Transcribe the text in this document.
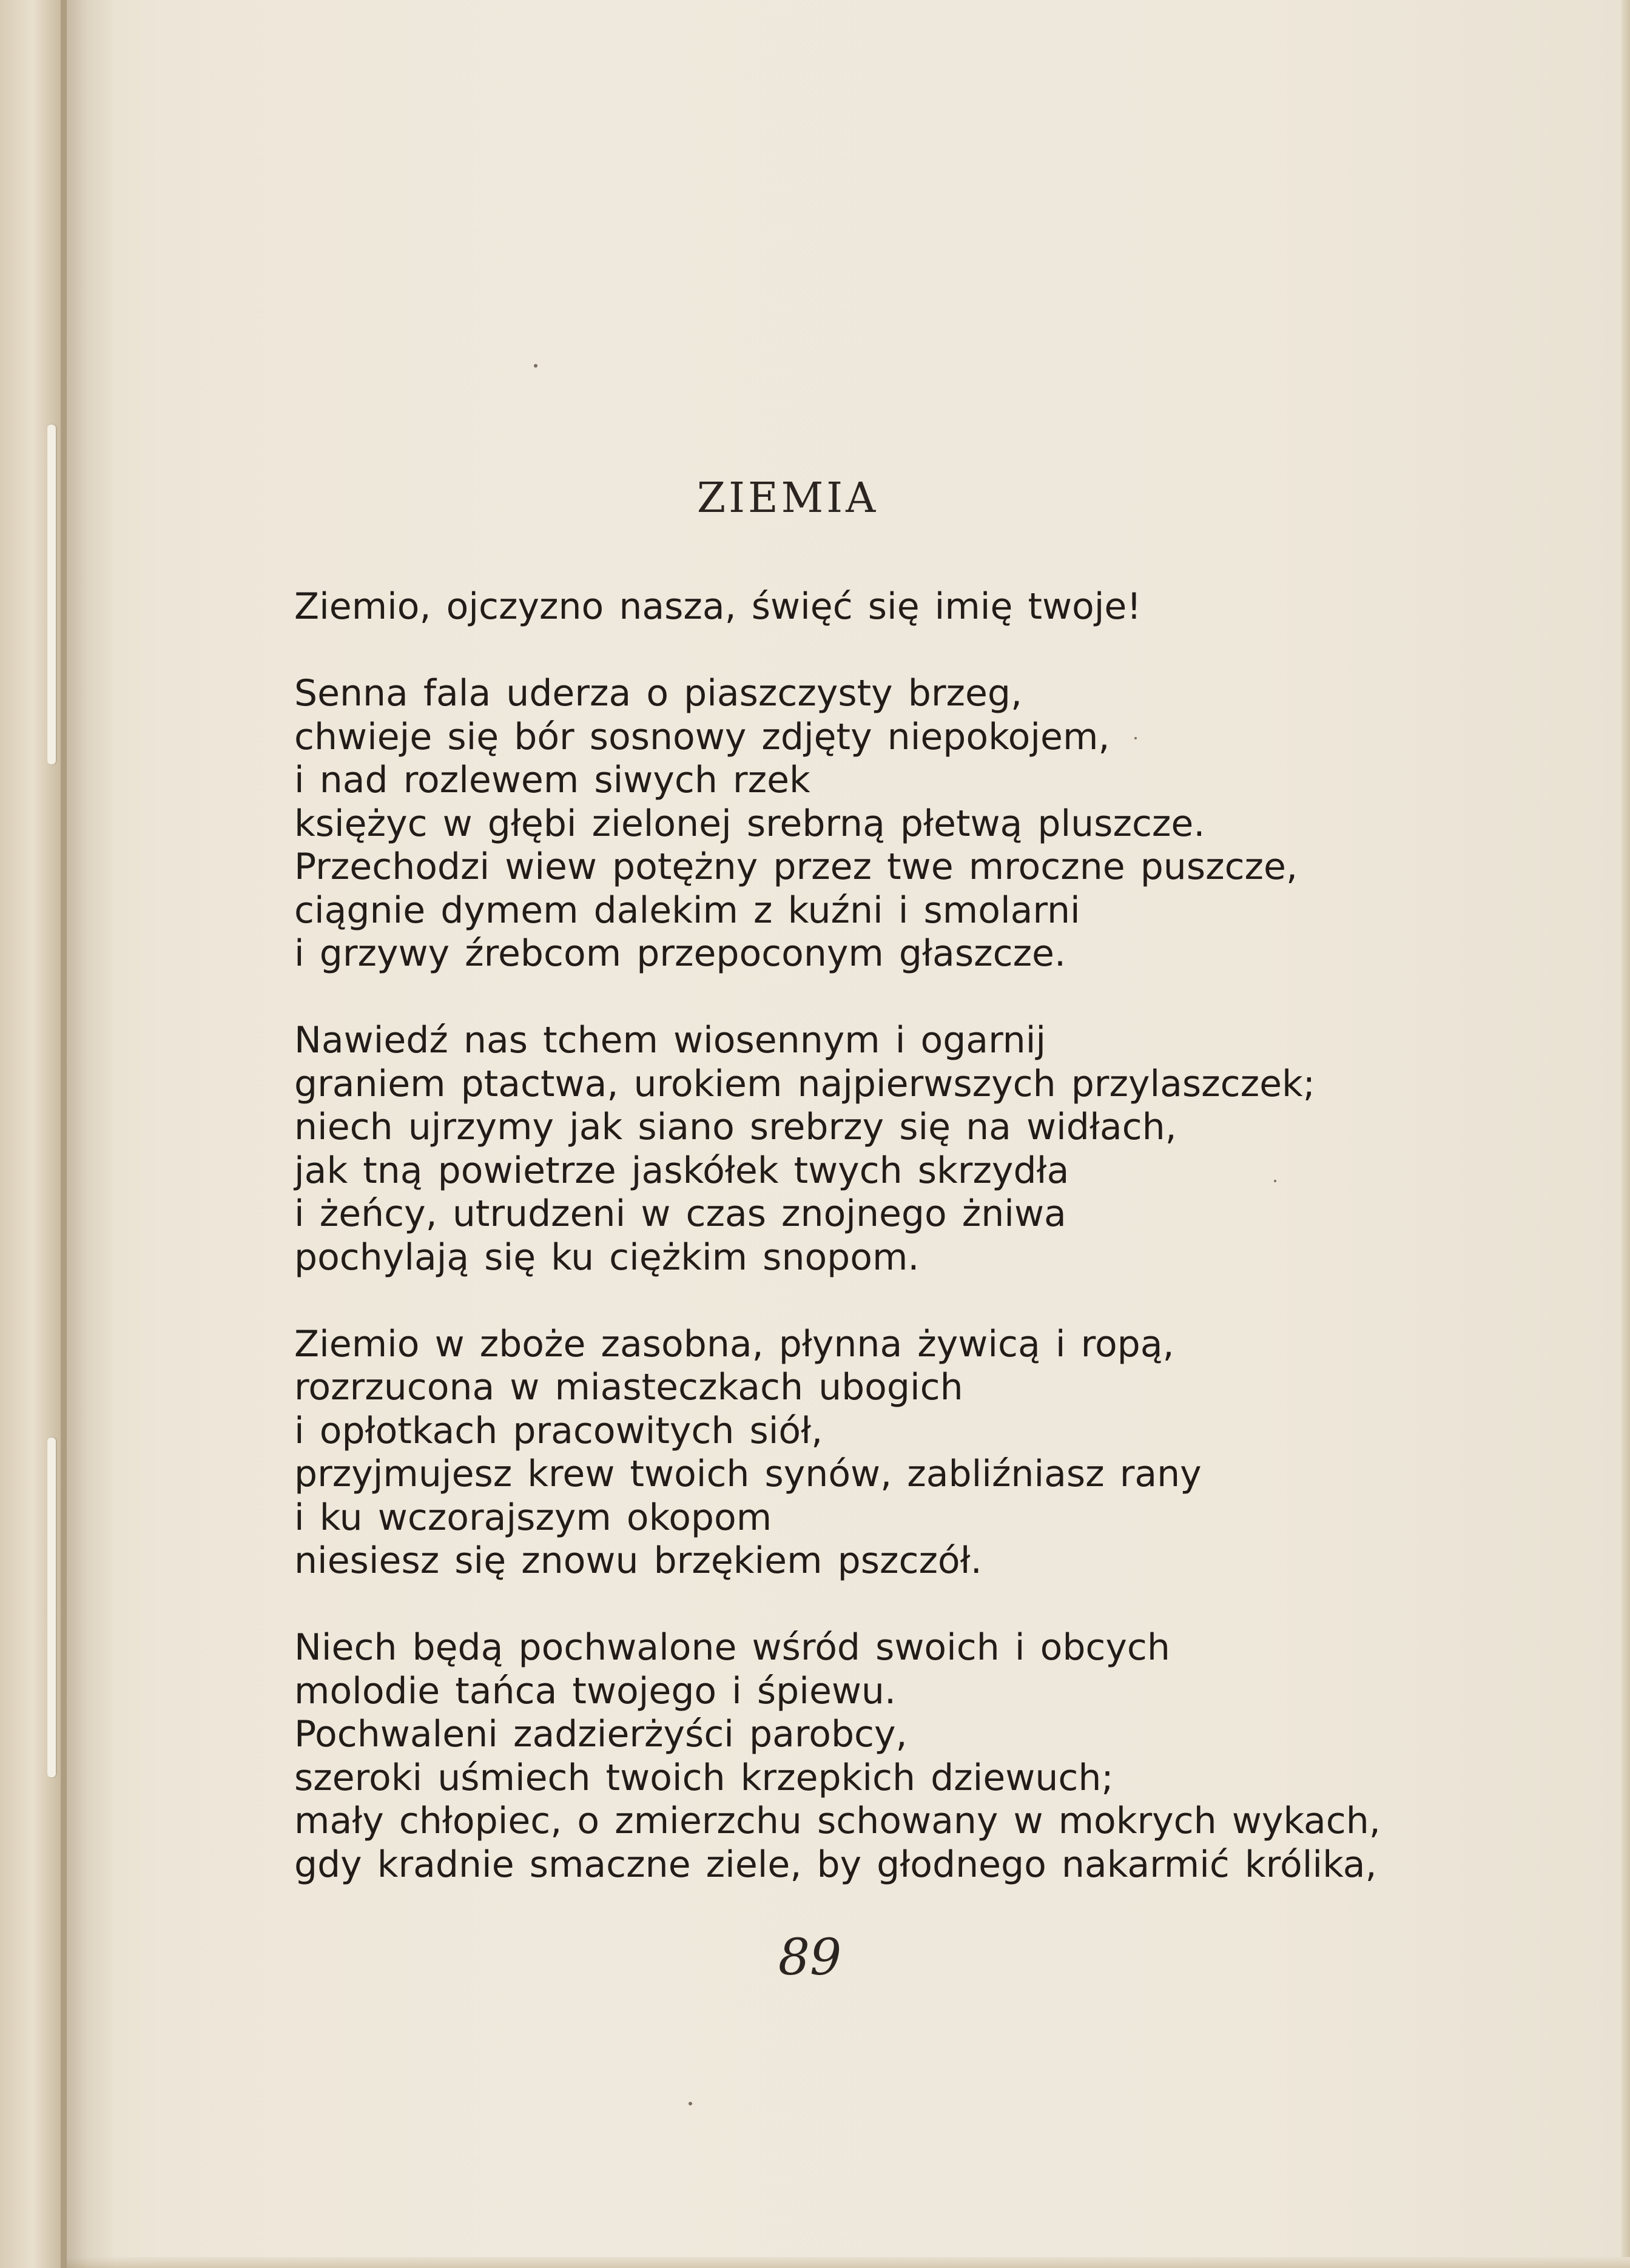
ZIEMIA
Ziemio, ojczyzno nasza, święć się imię twoje!
Senna fala uderza o piaszczysty brzeg,
chwieje się bór sosnowy zdjęty niepokojem,
i nad rozlewem siwych rzek
księżyc w głębi zielonej srebrną płetwą pluszcze.
Przechodzi wiew potężny przez twe mroczne puszcze,
ciągnie dymem dalekim z kuźni i smolarni
i grzywy źrebcom przepoconym głaszcze.
Nawiedź nas tchem wiosennym i ogarnij
graniem ptactwa, urokiem najpierwszych przylaszczek;
niech ujrzymy jak siano srebrzy się na widłach,
jak tną powietrze jaskółek twych skrzydła
i żeńcy, utrudzeni w czas znojnego żniwa
pochylają się ku ciężkim snopom.
Ziemio w zboże zasobna, płynna żywicą i ropą,
rozrzucona w miasteczkach ubogich
i opłotkach pracowitych siół,
przyjmujesz krew twoich synów, zabliźniasz rany
i ku wczorajszym okopom
niesiesz się znowu brzękiem pszczół.
Niech będą pochwalone wśród swoich i obcych
molodie tańca twojego i śpiewu.
Pochwaleni zadzierżyści parobcy,
szeroki uśmiech twoich krzepkich dziewuch;
mały chłopiec, o zmierzchu schowany w mokrych wykach,
gdy kradnie smaczne ziele, by głodnego nakarmić królika,
89
